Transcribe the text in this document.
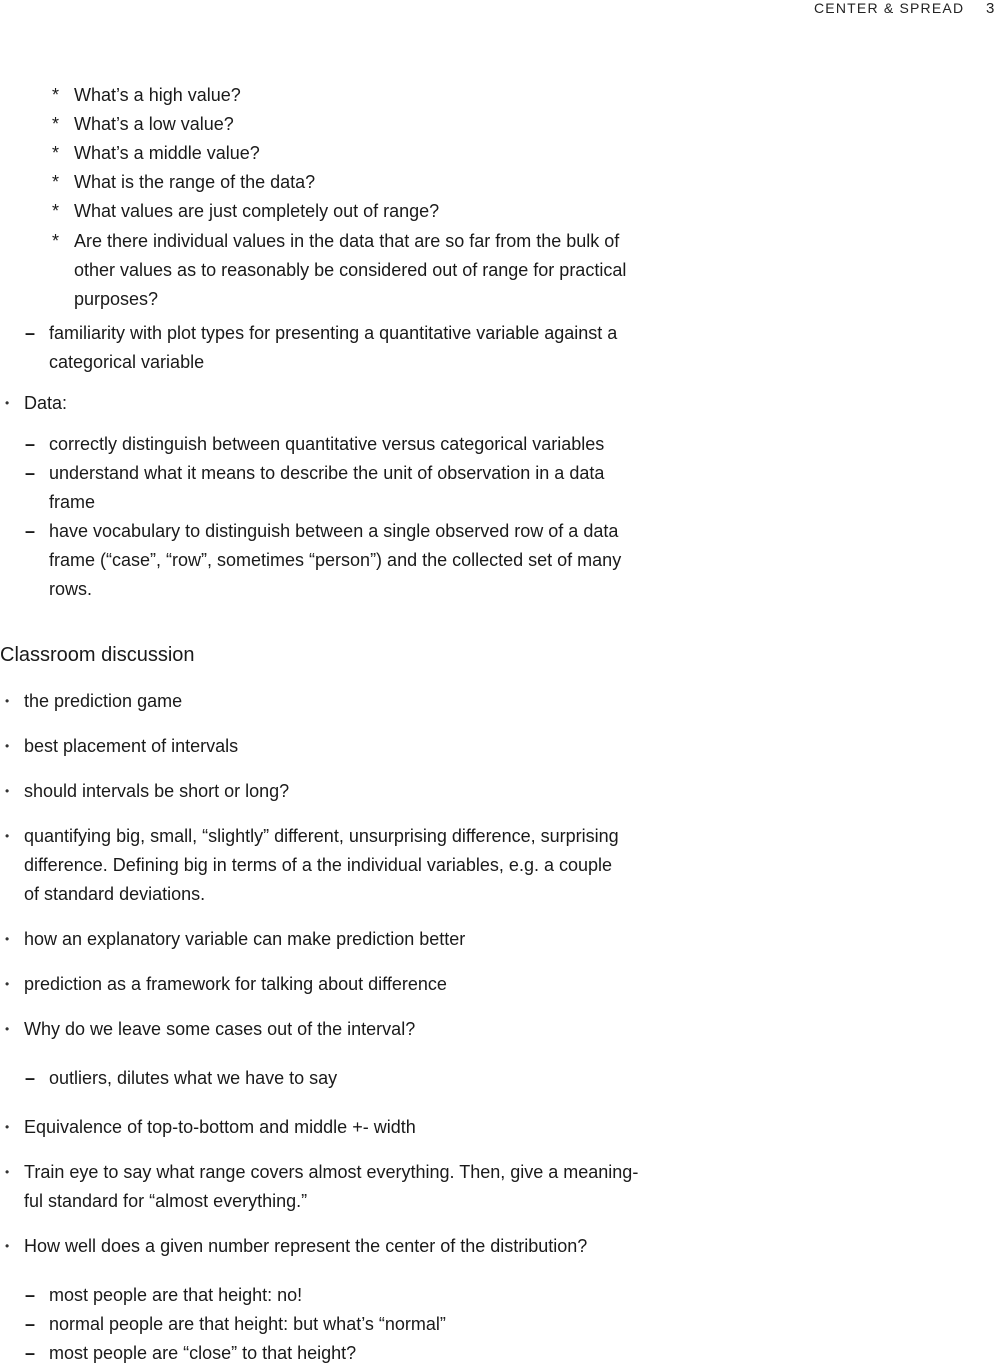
CENTER & SPREAD 3
* What’s a high value?
* What’s a low value?
* What’s a middle value?
* What is the range of the data?
* What values are just completely out of range?
* Are there individual values in the data that are so far from the bulk of
other values as to reasonably be considered out of range for practical
purposes?
– familiarity with plot types for presenting a quantitative variable against a
categorical variable
• Data:
– correctly distinguish between quantitative versus categorical variables
– understand what it means to describe the unit of observation in a data
frame
– have vocabulary to distinguish between a single observed row of a data
frame (“case”, “row”, sometimes “person”) and the collected set of many
rows.
Classroom discussion
• the prediction game
• best placement of intervals
• should intervals be short or long?
• quantifying big, small, “slightly” different, unsurprising difference, surprising
difference. Defining big in terms of a the individual variables, e.g. a couple
of standard deviations.
• how an explanatory variable can make prediction better
• prediction as a framework for talking about difference
• Why do we leave some cases out of the interval?
– outliers, dilutes what we have to say
• Equivalence of top-to-bottom and middle +- width
• Train eye to say what range covers almost everything. Then, give a meaning-
ful standard for “almost everything.”
• How well does a given number represent the center of the distribution?
– most people are that height: no!
– normal people are that height: but what’s “normal”
– most people are “close” to that height?
